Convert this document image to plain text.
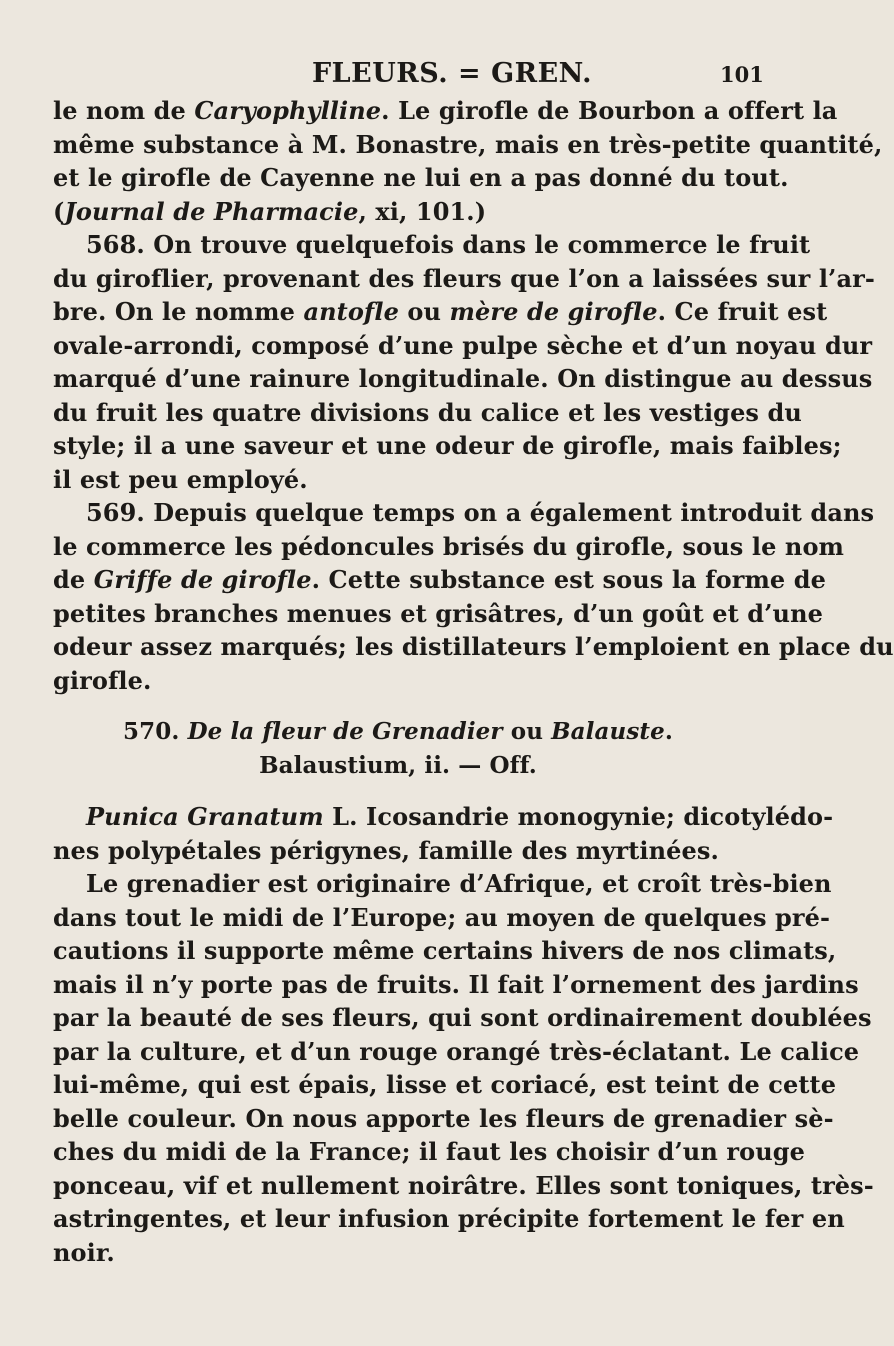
FLEURS. = GREN.	101
le nom de Caryophylline. Le girofle de Bourbon a offert la
même substance à M. Bonastre, mais en très-petite quantité,
et le girofle de Cayenne ne lui en a pas donné du tout.
(Journal de Pharmacie, xi, 101.)
568. On trouve quelquefois dans le commerce le fruit
du giroflier, provenant des fleurs que l’on a laissées sur l’ar-
bre. On le nomme antofle ou mère de girofle. Ce fruit est
ovale-arrondi, composé d’une pulpe sèche et d’un noyau dur
marqué d’une rainure longitudinale. On distingue au dessus
du fruit les quatre divisions du calice et les vestiges du
style; il a une saveur et une odeur de girofle, mais faibles;
il est peu employé.
569. Depuis quelque temps on a également introduit dans
le commerce les pédoncules brisés du girofle, sous le nom
de Griffe de girofle. Cette substance est sous la forme de
petites branches menues et grisâtres, d’un goût et d’une
odeur assez marqués; les distillateurs l’emploient en place du
girofle.
570. De la fleur de Grenadier ou Balauste.
Balaustium, ii. — Off.
Punica Granatum L. Icosandrie monogynie; dicotylédo-
nes polypétales périgynes, famille des myrtinées.
Le grenadier est originaire d’Afrique, et croît très-bien
dans tout le midi de l’Europe; au moyen de quelques pré-
cautions il supporte même certains hivers de nos climats,
mais il n’y porte pas de fruits. Il fait l’ornement des jardins
par la beauté de ses fleurs, qui sont ordinairement doublées
par la culture, et d’un rouge orangé très-éclatant. Le calice
lui-même, qui est épais, lisse et coriacé, est teint de cette
belle couleur. On nous apporte les fleurs de grenadier sè-
ches du midi de la France; il faut les choisir d’un rouge
ponceau, vif et nullement noirâtre. Elles sont toniques, très-
astringentes, et leur infusion précipite fortement le fer en
noir.
